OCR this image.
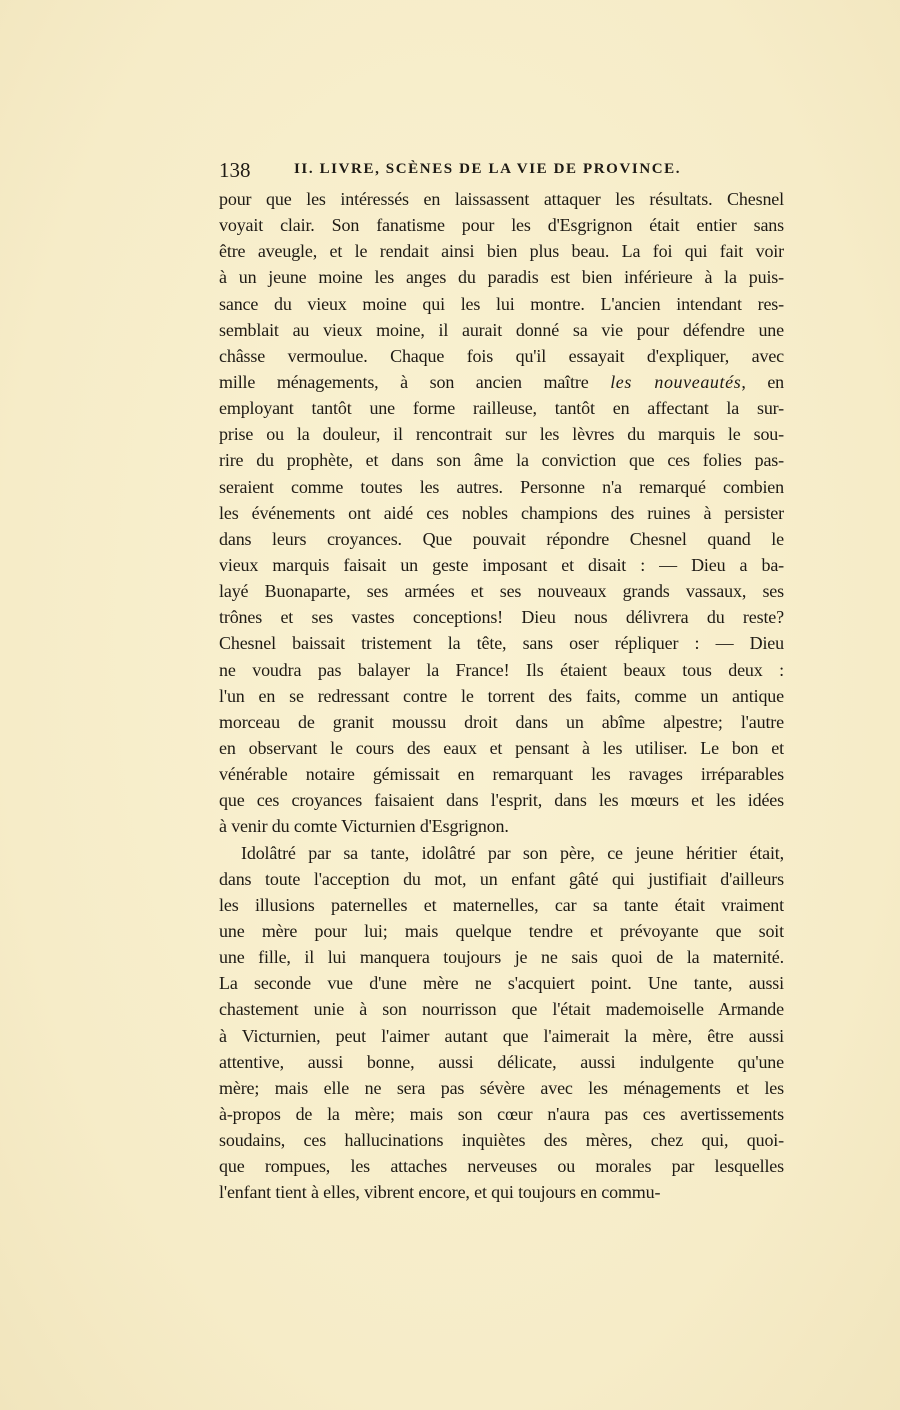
138	II. LIVRE, SCÈNES DE LA VIE DE PROVINCE.
pour que les intéressés en laissassent attaquer les résultats. Chesnel
voyait clair. Son fanatisme pour les d'Esgrignon était entier sans
être aveugle, et le rendait ainsi bien plus beau. La foi qui fait voir
à un jeune moine les anges du paradis est bien inférieure à la puis-
sance du vieux moine qui les lui montre. L'ancien intendant res-
semblait au vieux moine, il aurait donné sa vie pour défendre une
châsse vermoulue. Chaque fois qu'il essayait d'expliquer, avec
mille ménagements, à son ancien maître les nouveautés, en
employant tantôt une forme railleuse, tantôt en affectant la sur-
prise ou la douleur, il rencontrait sur les lèvres du marquis le sou-
rire du prophète, et dans son âme la conviction que ces folies pas-
seraient comme toutes les autres. Personne n'a remarqué combien
les événements ont aidé ces nobles champions des ruines à persister
dans leurs croyances. Que pouvait répondre Chesnel quand le
vieux marquis faisait un geste imposant et disait : — Dieu a ba-
layé Buonaparte, ses armées et ses nouveaux grands vassaux, ses
trônes et ses vastes conceptions! Dieu nous délivrera du reste?
Chesnel baissait tristement la tête, sans oser répliquer : — Dieu
ne voudra pas balayer la France! Ils étaient beaux tous deux :
l'un en se redressant contre le torrent des faits, comme un antique
morceau de granit moussu droit dans un abîme alpestre; l'autre
en observant le cours des eaux et pensant à les utiliser. Le bon et
vénérable notaire gémissait en remarquant les ravages irréparables
que ces croyances faisaient dans l'esprit, dans les mœurs et les idées
à venir du comte Victurnien d'Esgrignon.
Idolâtré par sa tante, idolâtré par son père, ce jeune héritier était,
dans toute l'acception du mot, un enfant gâté qui justifiait d'ailleurs
les illusions paternelles et maternelles, car sa tante était vraiment
une mère pour lui; mais quelque tendre et prévoyante que soit
une fille, il lui manquera toujours je ne sais quoi de la maternité.
La seconde vue d'une mère ne s'acquiert point. Une tante, aussi
chastement unie à son nourrisson que l'était mademoiselle Armande
à Victurnien, peut l'aimer autant que l'aimerait la mère, être aussi
attentive, aussi bonne, aussi délicate, aussi indulgente qu'une
mère; mais elle ne sera pas sévère avec les ménagements et les
à-propos de la mère; mais son cœur n'aura pas ces avertissements
soudains, ces hallucinations inquiètes des mères, chez qui, quoi-
que rompues, les attaches nerveuses ou morales par lesquelles
l'enfant tient à elles, vibrent encore, et qui toujours en commu-
